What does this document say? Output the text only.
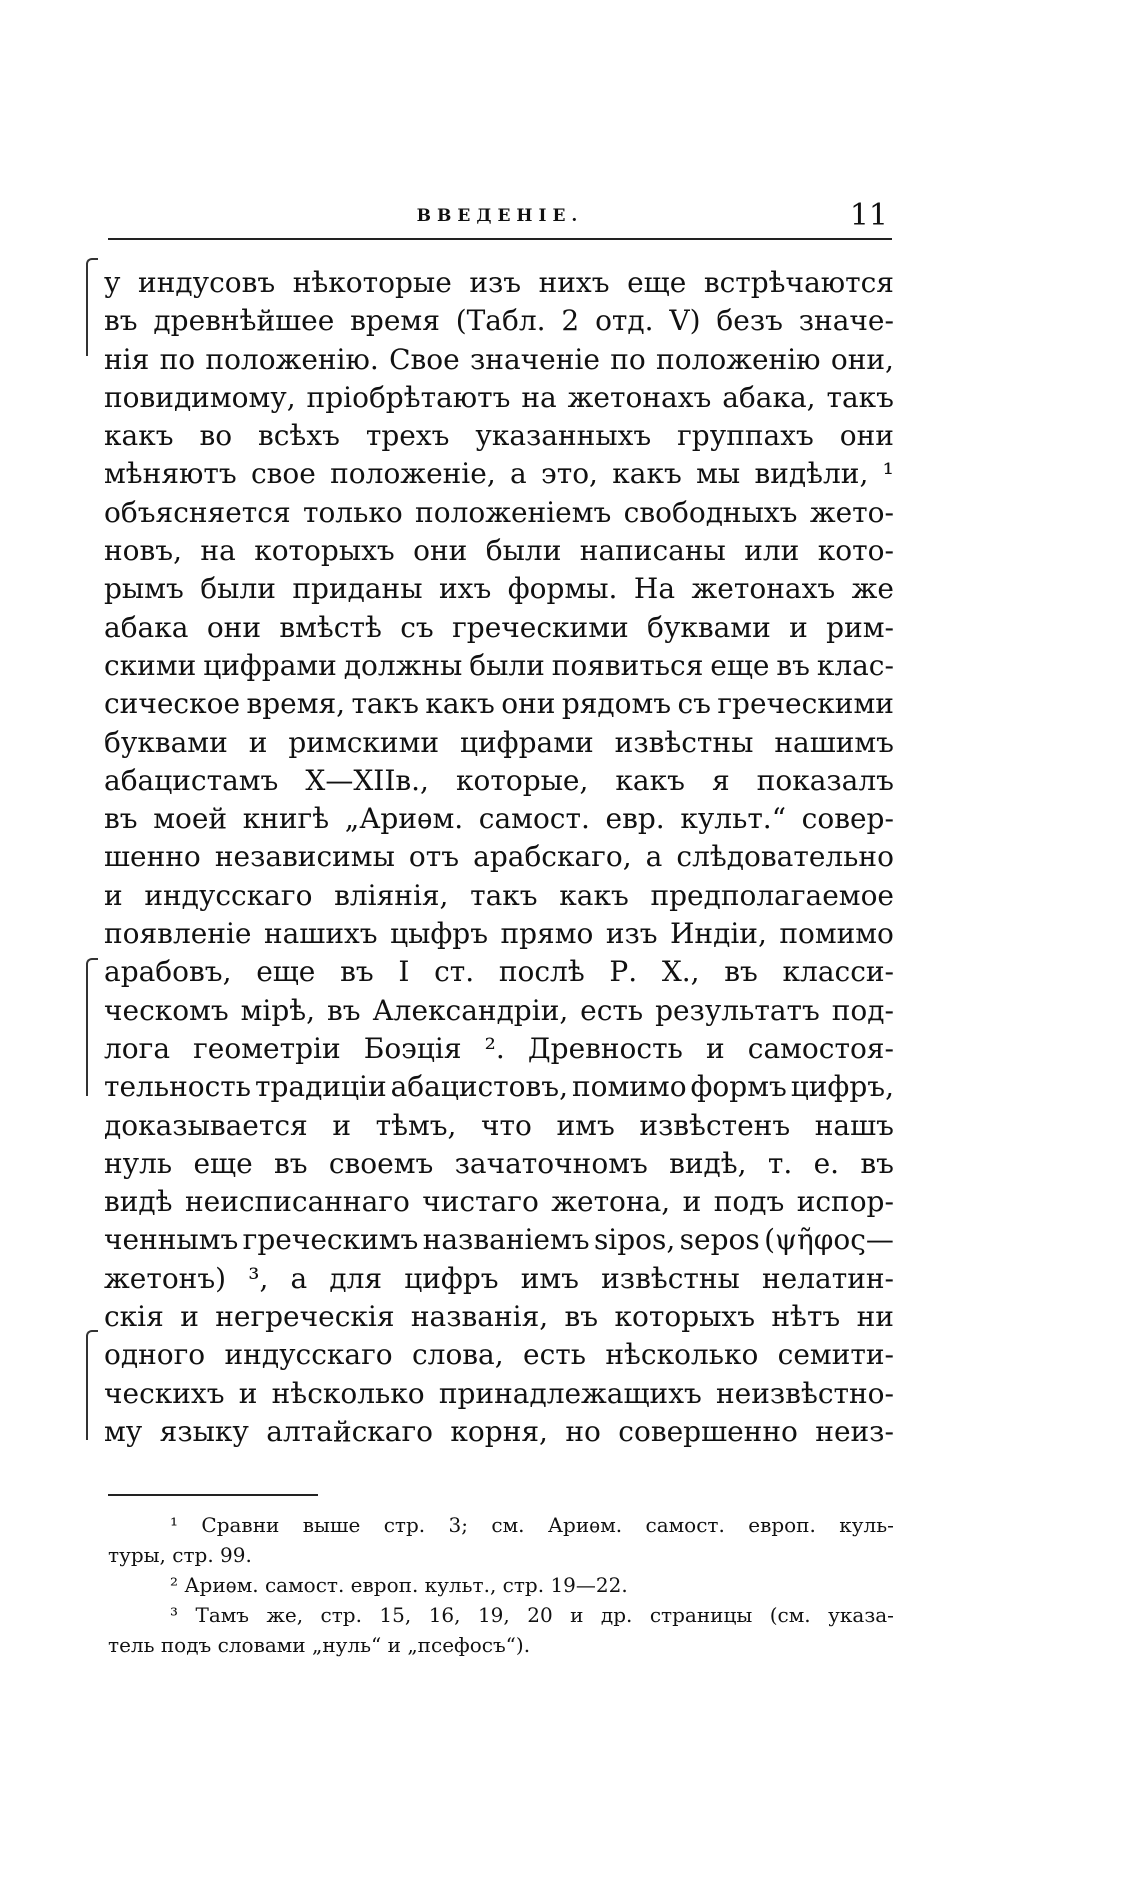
ВВЕДЕНІЕ.	11
у индусовъ нѣкоторые изъ нихъ еще встрѣчаются
въ древнѣйшее время (Табл. 2 отд. V) безъ значе-
нія по положенію. Свое значеніе по положенію они,
повидимому, пріобрѣтаютъ на жетонахъ абака, такъ
какъ во всѣхъ трехъ указанныхъ группахъ они
мѣняютъ свое положеніе, а это, какъ мы видѣли, ¹
объясняется только положеніемъ свободныхъ жето-
новъ, на которыхъ они были написаны или кото-
рымъ были приданы ихъ формы. На жетонахъ же
абака они вмѣстѣ съ греческими буквами и рим-
скими цифрами должны были появиться еще въ клас-
сическое время, такъ какъ они рядомъ съ греческими
буквами и римскими цифрами извѣстны нашимъ
абацистамъ X—XIIв., которые, какъ я показалъ
въ моей книгѣ „Ариѳм. самост. евр. культ.“ совер-
шенно независимы отъ арабскаго, а слѣдовательно
и индусскаго вліянія, такъ какъ предполагаемое
появленіе нашихъ цыфръ прямо изъ Индіи, помимо
арабовъ, еще въ I ст. послѣ Р. Х., въ класси-
ческомъ мірѣ, въ Александріи, есть результатъ под-
лога геометріи Боэція ². Древность и самостоя-
тельность традиціи абацистовъ, помимо формъ цифръ,
доказывается и тѣмъ, что имъ извѣстенъ нашъ
нуль еще въ своемъ зачаточномъ видѣ, т. е. въ
видѣ неисписаннаго чистаго жетона, и подъ испор-
ченнымъ греческимъ названіемъ sipos, sepos (ψῆφος—
жетонъ) ³, а для цифръ имъ извѣстны нелатин-
скія и негреческія названія, въ которыхъ нѣтъ ни
одного индусскаго слова, есть нѣсколько семити-
ческихъ и нѣсколько принадлежащихъ неизвѣстно-
му языку алтайскаго корня, но совершенно неиз-
¹ Сравни выше стр. 3; см. Ариѳм. самост. европ. куль-
туры, стр. 99.
² Ариѳм. самост. европ. культ., стр. 19—22.
³ Тамъ же, стр. 15, 16, 19, 20 и др. страницы (см. указа-
тель подъ словами „нуль“ и „псефосъ“).
